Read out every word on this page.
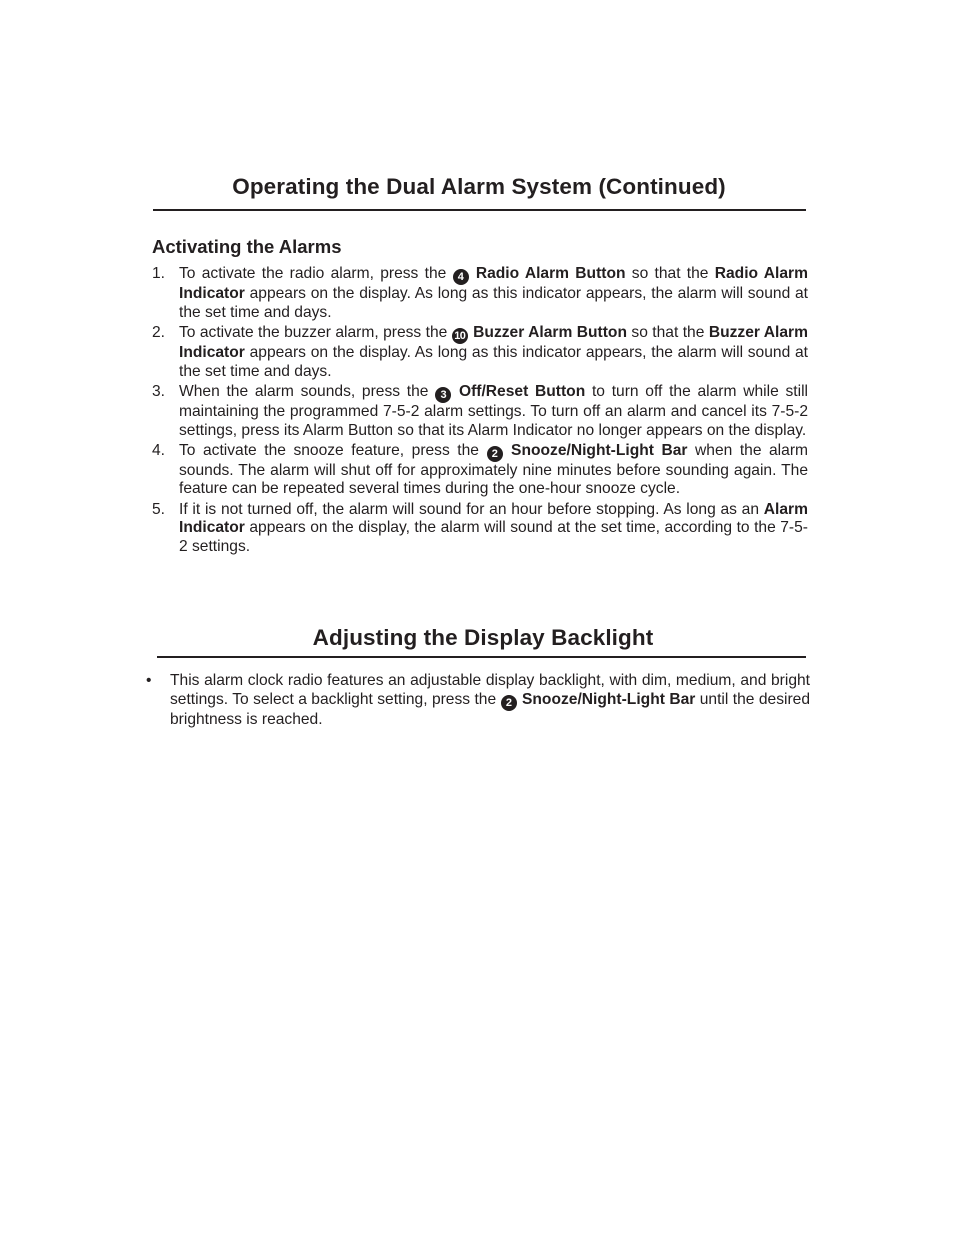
Operating the Dual Alarm System (Continued)
Activating the Alarms
1. To activate the radio alarm, press the 4 Radio Alarm Button so that the Radio Alarm Indicator appears on the display. As long as this indicator appears, the alarm will sound at the set time and days.
2. To activate the buzzer alarm, press the 10 Buzzer Alarm Button so that the Buzzer Alarm Indicator appears on the display. As long as this indicator appears, the alarm will sound at the set time and days.
3. When the alarm sounds, press the 3 Off/Reset Button to turn off the alarm while still maintaining the programmed 7-5-2 alarm settings. To turn off an alarm and cancel its 7-5-2 settings, press its Alarm Button so that its Alarm Indicator no longer appears on the display.
4. To activate the snooze feature, press the 2 Snooze/Night-Light Bar when the alarm sounds. The alarm will shut off for approximately nine minutes before sounding again. The feature can be repeated several times during the one-hour snooze cycle.
5. If it is not turned off, the alarm will sound for an hour before stopping. As long as an Alarm Indicator appears on the display, the alarm will sound at the set time, according to the 7-5-2 settings.
Adjusting the Display Backlight
• This alarm clock radio features an adjustable display backlight, with dim, medium, and bright settings. To select a backlight setting, press the 2 Snooze/Night-Light Bar until the desired brightness is reached.
